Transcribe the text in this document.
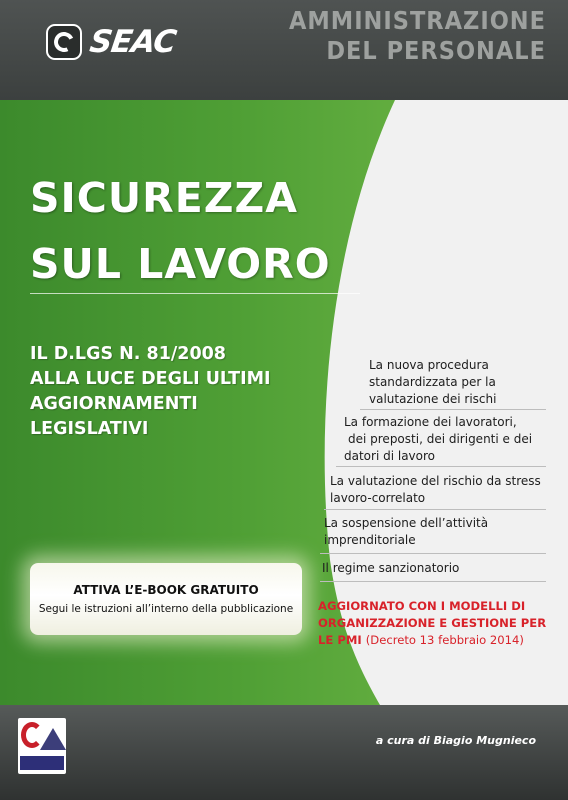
SEAC
AMMINISTRAZIONE
DEL PERSONALE
SICUREZZA
SUL LAVORO
IL D.LGS N. 81/2008
ALLA LUCE DEGLI ULTIMI
AGGIORNAMENTI
LEGISLATIVI
ATTIVA L’E-BOOK GRATUITO
Segui le istruzioni all’interno della pubblicazione
La nuova procedura
standardizzata per la
valutazione dei rischi
La formazione dei lavoratori,
dei preposti, dei dirigenti e dei
datori di lavoro
La valutazione del rischio da stress
lavoro-correlato
La sospensione dell’attività
imprenditoriale
Il regime sanzionatorio
AGGIORNATO CON I MODELLI DI
ORGANIZZAZIONE E GESTIONE PER
LE PMI (Decreto 13 febbraio 2014)
a cura di Biagio Mugnieco
